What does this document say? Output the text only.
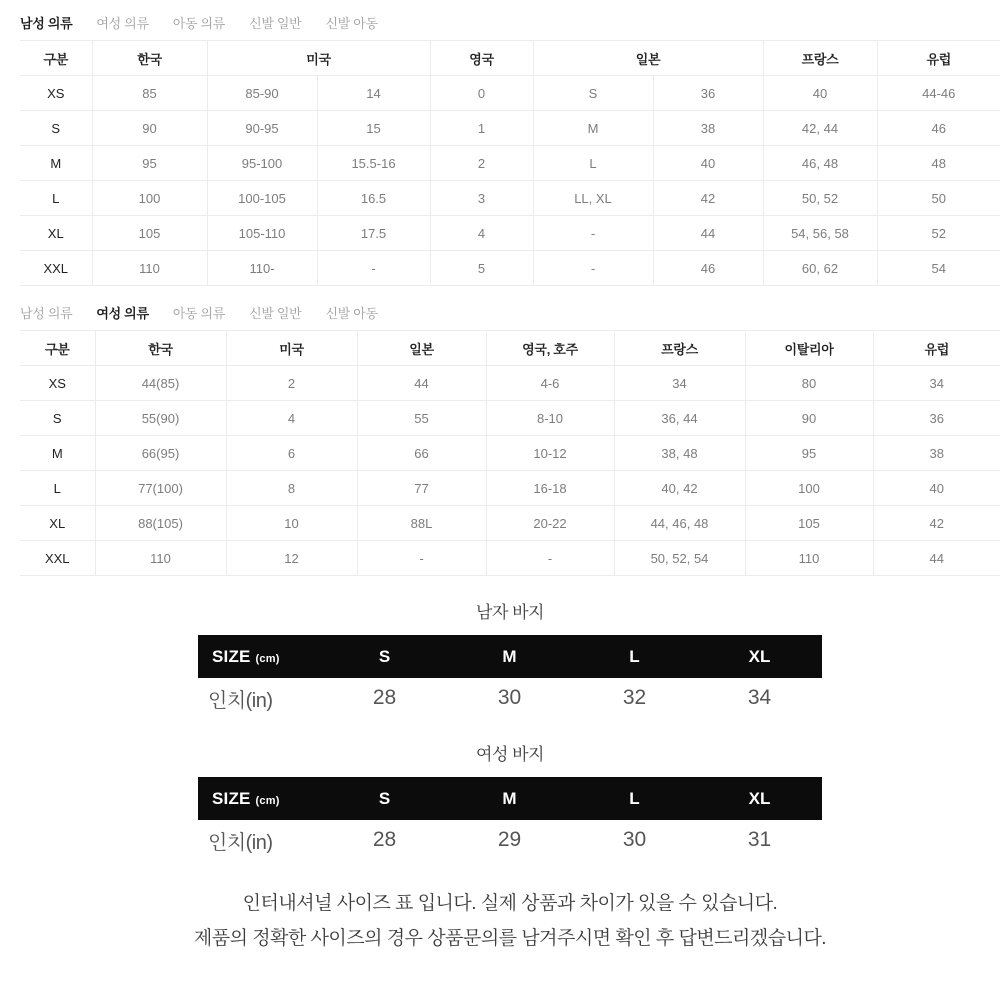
남성 의류 여성 의류 아동 의류 신발 일반 신발 아동
구분	한국	미국		영국	일본		프랑스	유럽
XS	85	85-90	14	0	S	36	40	44-46
S	90	90-95	15	1	M	38	42, 44	46
M	95	95-100	15.5-16	2	L	40	46, 48	48
L	100	100-105	16.5	3	LL, XL	42	50, 52	50
XL	105	105-110	17.5	4	-	44	54, 56, 58	52
XXL	110	110-	-	5	-	46	60, 62	54
남성 의류 여성 의류 아동 의류 신발 일반 신발 아동
구분	한국	미국	일본	영국, 호주	프랑스	이탈리아	유럽
XS	44(85)	2	44	4-6	34	80	34
S	55(90)	4	55	8-10	36, 44	90	36
M	66(95)	6	66	10-12	38, 48	95	38
L	77(100)	8	77	16-18	40, 42	100	40
XL	88(105)	10	88L	20-22	44, 46, 48	105	42
XXL	110	12	-	-	50, 52, 54	110	44
남자 바지
SIZE (cm)	S	M	L	XL
인치(in)	28	30	32	34
여성 바지
SIZE (cm)	S	M	L	XL
인치(in)	28	29	30	31
인터내셔널 사이즈 표 입니다. 실제 상품과 차이가 있을 수 있습니다.
제품의 정확한 사이즈의 경우 상품문의를 남겨주시면 확인 후 답변드리겠습니다.
